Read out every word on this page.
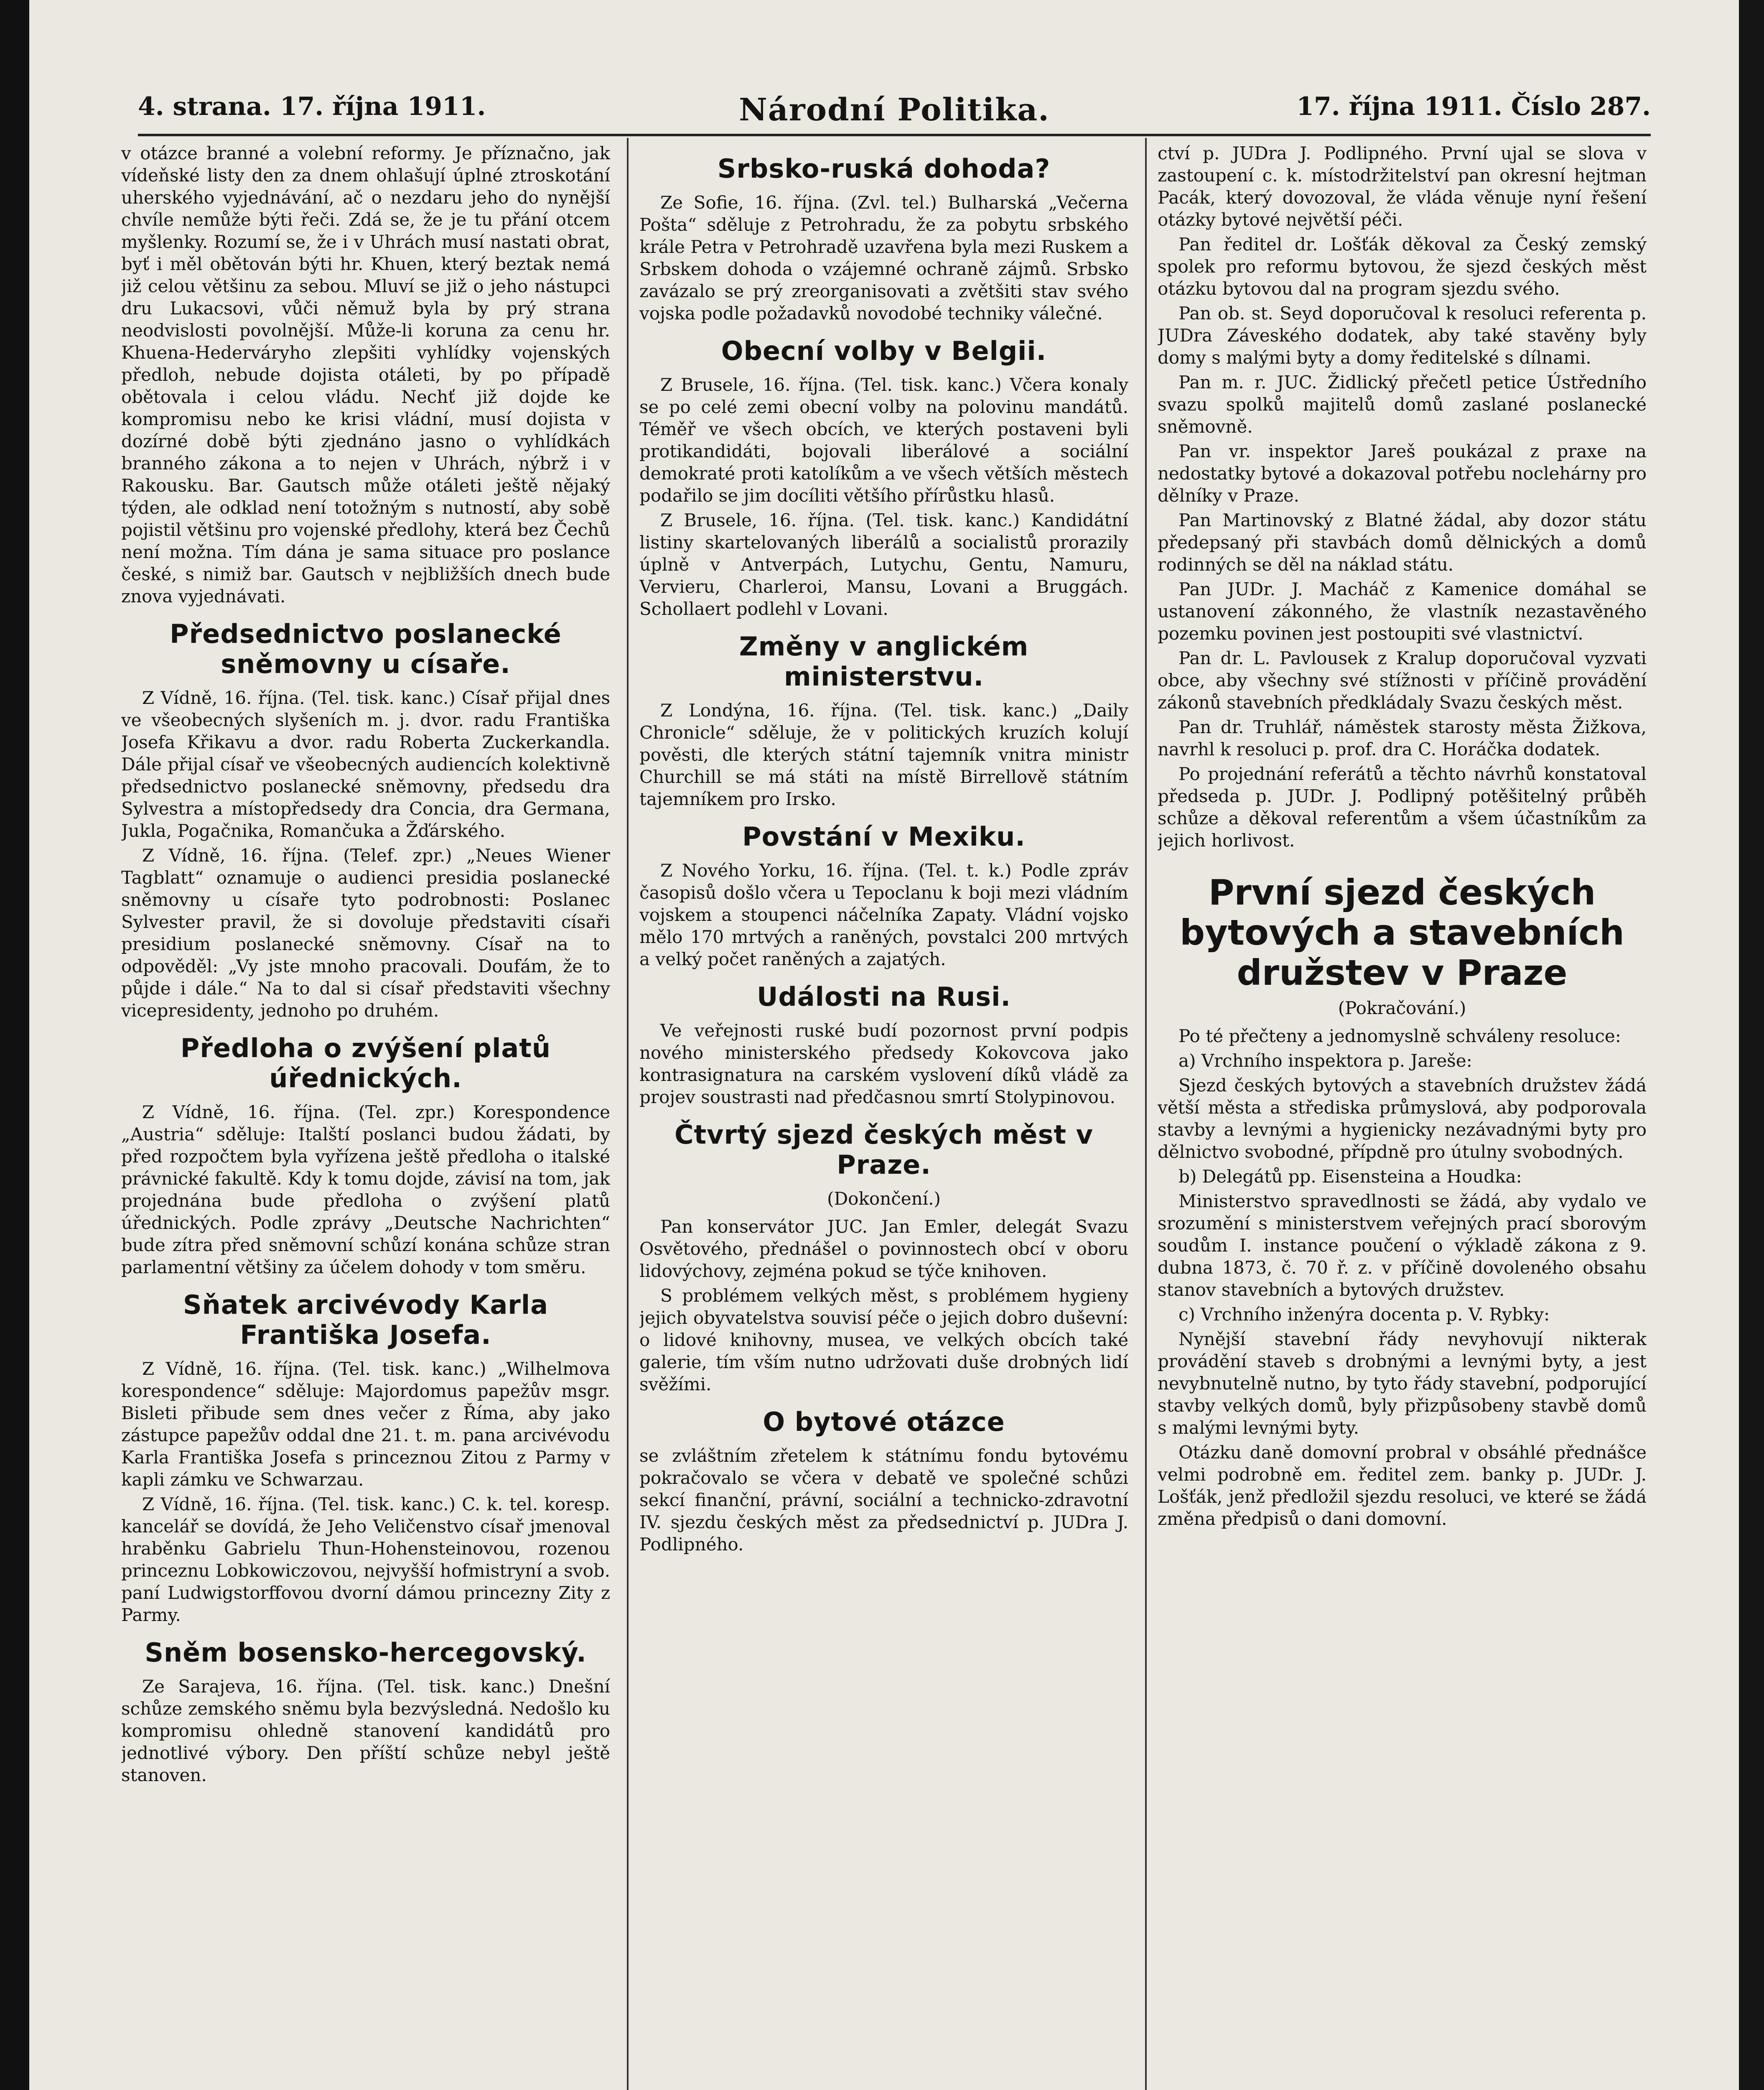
4. strana. 17. října 1911.	Národní Politika.	17. října 1911. Číslo 287.

v otázce branné a volební reformy. Je příznačno, jak vídeňské listy den za dnem ohlašují úplné ztroskotání uherského vyjednávání, ač o nezdaru jeho do nynější chvíle nemůže býti řeči. Zdá se, že je tu přání otcem myšlenky. Rozumí se, že i v Uhrách musí nastati obrat, byť i měl obětován býti hr. Khuen, který beztak nemá již celou většinu za sebou. Mluví se již o jeho nástupci dru Lukacsovi, vůči němuž byla by prý strana neodvislosti povolnější. Může-li koruna za cenu hr. Khuena-Hederváryho zlepšiti vyhlídky vojenských předloh, nebude dojista otáleti, by po případě obětovala i celou vládu. Nechť již dojde ke kompromisu nebo ke krisi vládní, musí dojista v dozírné době býti zjednáno jasno o vyhlídkách branného zákona a to nejen v Uhrách, nýbrž i v Rakousku. Bar. Gautsch může otáleti ještě nějaký týden, ale odklad není totožným s nutností, aby sobě pojistil většinu pro vojenské předlohy, která bez Čechů není možna. Tím dána je sama situace pro poslance české, s nimiž bar. Gautsch v nejbližších dnech bude znova vyjednávati.

Předsednictvo poslanecké sněmovny u císaře.

Z Vídně, 16. října. (Tel. tisk. kanc.) Císař přijal dnes ve všeobecných slyšeních m. j. dvor. radu Františka Josefa Křikavu a dvor. radu Roberta Zuckerkandla. Dále přijal císař ve všeobecných audiencích kolektivně předsednictvo poslanecké sněmovny, předsedu dra Sylvestra a místopředsedy dra Concia, dra Germana, Jukla, Pogačnika, Romančuka a Žďárského.

Z Vídně, 16. října. (Telef. zpr.) „Neues Wiener Tagblatt“ oznamuje o audienci presidia poslanecké sněmovny u císaře tyto podrobnosti: Poslanec Sylvester pravil, že si dovoluje představiti císaři presidium poslanecké sněmovny. Císař na to odpověděl: „Vy jste mnoho pracovali. Doufám, že to půjde i dále.“ Na to dal si císař představiti všechny vicepresidenty, jednoho po druhém.

Předloha o zvýšení platů úřednických.

Z Vídně, 16. října. (Tel. zpr.) Korespondence „Austria“ sděluje: Italští poslanci budou žádati, by před rozpočtem byla vyřízena ještě předloha o italské právnické fakultě. Kdy k tomu dojde, závisí na tom, jak projednána bude předloha o zvýšení platů úřednických. Podle zprávy „Deutsche Nachrichten“ bude zítra před sněmovní schůzí konána schůze stran parlamentní většiny za účelem dohody v tom směru.

Sňatek arcivévody Karla Františka Josefa.

Z Vídně, 16. října. (Tel. tisk. kanc.) „Wilhelmova korespondence“ sděluje: Majordomus papežův msgr. Bisleti přibude sem dnes večer z Říma, aby jako zástupce papežův oddal dne 21. t. m. pana arcivévodu Karla Františka Josefa s princeznou Zitou z Parmy v kapli zámku ve Schwarzau.

Z Vídně, 16. října. (Tel. tisk. kanc.) C. k. tel. koresp. kancelář se dovídá, že Jeho Veličenstvo císař jmenoval hraběnku Gabrielu Thun-Hohensteinovou, rozenou princeznu Lobkowiczovou, nejvyšší hofmistryní a svob. paní Ludwigstorffovou dvorní dámou princezny Zity z Parmy.

Sněm bosensko-hercegovský.

Ze Sarajeva, 16. října. (Tel. tisk. kanc.) Dnešní schůze zemského sněmu byla bezvýsledná. Nedošlo ku kompromisu ohledně stanovení kandidátů pro jednotlivé výbory. Den příští schůze nebyl ještě stanoven.

Srbsko-ruská dohoda?

Ze Sofie, 16. října. (Zvl. tel.) Bulharská „Večerna Pošta“ sděluje z Petrohradu, že za pobytu srbského krále Petra v Petrohradě uzavřena byla mezi Ruskem a Srbskem dohoda o vzájemné ochraně zájmů. Srbsko zavázalo se prý zreorganisovati a zvětšiti stav svého vojska podle požadavků novodobé techniky válečné.

Obecní volby v Belgii.

Z Brusele, 16. října. (Tel. tisk. kanc.) Včera konaly se po celé zemi obecní volby na polovinu mandátů. Téměř ve všech obcích, ve kterých postaveni byli protikandidáti, bojovali liberálové a sociální demokraté proti katolíkům a ve všech větších městech podařilo se jim docíliti většího přírůstku hlasů.

Z Brusele, 16. října. (Tel. tisk. kanc.) Kandidátní listiny skartelovaných liberálů a socialistů prorazily úplně v Antverpách, Lutychu, Gentu, Namuru, Vervieru, Charleroi, Mansu, Lovani a Bruggách. Schollaert podlehl v Lovani.

Změny v anglickém ministerstvu.

Z Londýna, 16. října. (Tel. tisk. kanc.) „Daily Chronicle“ sděluje, že v politických kruzích kolují pověsti, dle kterých státní tajemník vnitra ministr Churchill se má státi na místě Birrellově státním tajemníkem pro Irsko.

Povstání v Mexiku.

Z Nového Yorku, 16. října. (Tel. t. k.) Podle zpráv časopisů došlo včera u Tepoclanu k boji mezi vládním vojskem a stoupenci náčelníka Zapaty. Vládní vojsko mělo 170 mrtvých a raněných, povstalci 200 mrtvých a velký počet raněných a zajatých.

Události na Rusi.

Ve veřejnosti ruské budí pozornost první podpis nového ministerského předsedy Kokovcova jako kontrasignatura na carském vyslovení díků vládě za projev soustrasti nad předčasnou smrtí Stolypinovou.

Čtvrtý sjezd českých měst v Praze.

(Dokončení.)

Pan konservátor JUC. Jan Emler, delegát Svazu Osvětového, přednášel o povinnostech obcí v oboru lidovýchovy, zejména pokud se týče knihoven.

S problémem velkých měst, s problémem hygieny jejich obyvatelstva souvisí péče o jejich dobro duševní: o lidové knihovny, musea, ve velkých obcích také galerie, tím vším nutno udržovati duše drobných lidí svěžími.

O bytové otázce

se zvláštním zřetelem k státnímu fondu bytovému pokračovalo se včera v debatě ve společné schůzi sekcí finanční, právní, sociální a technicko-zdravotní IV. sjezdu českých měst za předsednictví p. JUDra J. Podlipného.

ctví p. JUDra J. Podlipného. První ujal se slova v zastoupení c. k. místodržitelství pan okresní hejtman Pacák, který dovozoval, že vláda věnuje nyní řešení otázky bytové největší péči.

Pan ředitel dr. Lošťák děkoval za Český zemský spolek pro reformu bytovou, že sjezd českých měst otázku bytovou dal na program sjezdu svého.

Pan ob. st. Seyd doporučoval k resoluci referenta p. JUDra Záveského dodatek, aby také stavěny byly domy s malými byty a domy ředitelské s dílnami.

Pan m. r. JUC. Židlický přečetl petice Ústředního svazu spolků majitelů domů zaslané poslanecké sněmovně.

Pan vr. inspektor Jareš poukázal z praxe na nedostatky bytové a dokazoval potřebu noclehárny pro dělníky v Praze.

Pan Martinovský z Blatné žádal, aby dozor státu předepsaný při stavbách domů dělnických a domů rodinných se děl na náklad státu.

Pan JUDr. J. Macháč z Kamenice domáhal se ustanovení zákonného, že vlastník nezastavěného pozemku povinen jest postoupiti své vlastnictví.

Pan dr. L. Pavlousek z Kralup doporučoval vyzvati obce, aby všechny své stížnosti v příčině provádění zákonů stavebních předkládaly Svazu českých měst.

Pan dr. Truhlář, náměstek starosty města Žižkova, navrhl k resoluci p. prof. dra C. Horáčka dodatek.

Po projednání referátů a těchto návrhů konstatoval předseda p. JUDr. J. Podlipný potěšitelný průběh schůze a děkoval referentům a všem účastníkům za jejich horlivost.

První sjezd českých bytových a stavebních družstev v Praze

(Pokračování.)

Po té přečteny a jednomyslně schváleny resoluce:

a) Vrchního inspektora p. Jareše:

Sjezd českých bytových a stavebních družstev žádá větší města a střediska průmyslová, aby podporovala stavby a levnými a hygienicky nezávadnými byty pro dělnictvo svobodné, přípdně pro útulny svobodných.

b) Delegátů pp. Eisensteina a Houdka:

Ministerstvo spravedlnosti se žádá, aby vydalo ve srozumění s ministerstvem veřejných prací sborovým soudům I. instance poučení o výkladě zákona z 9. dubna 1873, č. 70 ř. z. v příčině dovoleného obsahu stanov stavebních a bytových družstev.

c) Vrchního inženýra docenta p. V. Rybky:

Nynější stavební řády nevyhovují nikterak provádění staveb s drobnými a levnými byty, a jest nevybnutelně nutno, by tyto řády stavební, podporující stavby velkých domů, byly přizpůsobeny stavbě domů s malými levnými byty.

Otázku daně domovní probral v obsáhlé přednášce velmi podrobně em. ředitel zem. banky p. JUDr. J. Lošťák, jenž předložil sjezdu resoluci, ve které se žádá změna předpisů o dani domovní.
